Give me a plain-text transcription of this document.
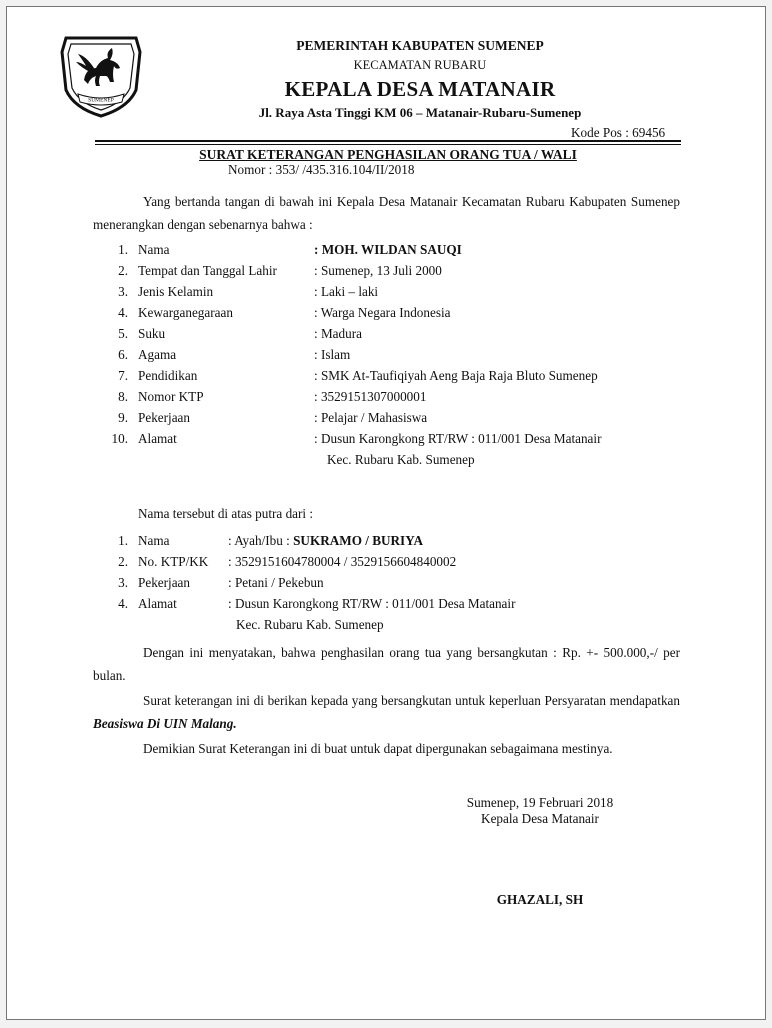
SUMENEP
PEMERINTAH KABUPATEN SUMENEP
KECAMATAN RUBARU
KEPALA DESA MATANAIR
Jl. Raya Asta Tinggi KM 06 – Matanair-Rubaru-Sumenep
Kode Pos : 69456
SURAT KETERANGAN PENGHASILAN ORANG TUA / WALI
Nomor : 353/ /435.316.104/II/2018
Yang bertanda tangan di bawah ini Kepala Desa Matanair Kecamatan Rubaru Kabupaten Sumenep menerangkan dengan sebenarnya bahwa :
1. Nama	: MOH. WILDAN SAUQI
2. Tempat dan Tanggal Lahir	: Sumenep, 13 Juli 2000
3. Jenis Kelamin	: Laki – laki
4. Kewarganegaraan	: Warga Negara Indonesia
5. Suku	: Madura
6. Agama	: Islam
7. Pendidikan	: SMK At-Taufiqiyah Aeng Baja Raja Bluto Sumenep
8. Nomor KTP	: 3529151307000001
9. Pekerjaan	: Pelajar / Mahasiswa
10. Alamat	: Dusun Karongkong RT/RW : 011/001 Desa Matanair
Kec. Rubaru Kab. Sumenep
Nama tersebut di atas putra dari :
1. Nama	: Ayah/Ibu : SUKRAMO / BURIYA
2. No. KTP/KK : 3529151604780004 / 3529156604840002
3. Pekerjaan	: Petani / Pekebun
4. Alamat	: Dusun Karongkong RT/RW : 011/001 Desa Matanair
Kec. Rubaru Kab. Sumenep
Dengan ini menyatakan, bahwa penghasilan orang tua yang bersangkutan : Rp. +- 500.000,-/ per bulan.
Surat keterangan ini di berikan kepada yang bersangkutan untuk keperluan Persyaratan mendapatkan Beasiswa Di UIN Malang.
Demikian Surat Keterangan ini di buat untuk dapat dipergunakan sebagaimana mestinya.
Sumenep, 19 Februari 2018
Kepala Desa Matanair
GHAZALI, SH
